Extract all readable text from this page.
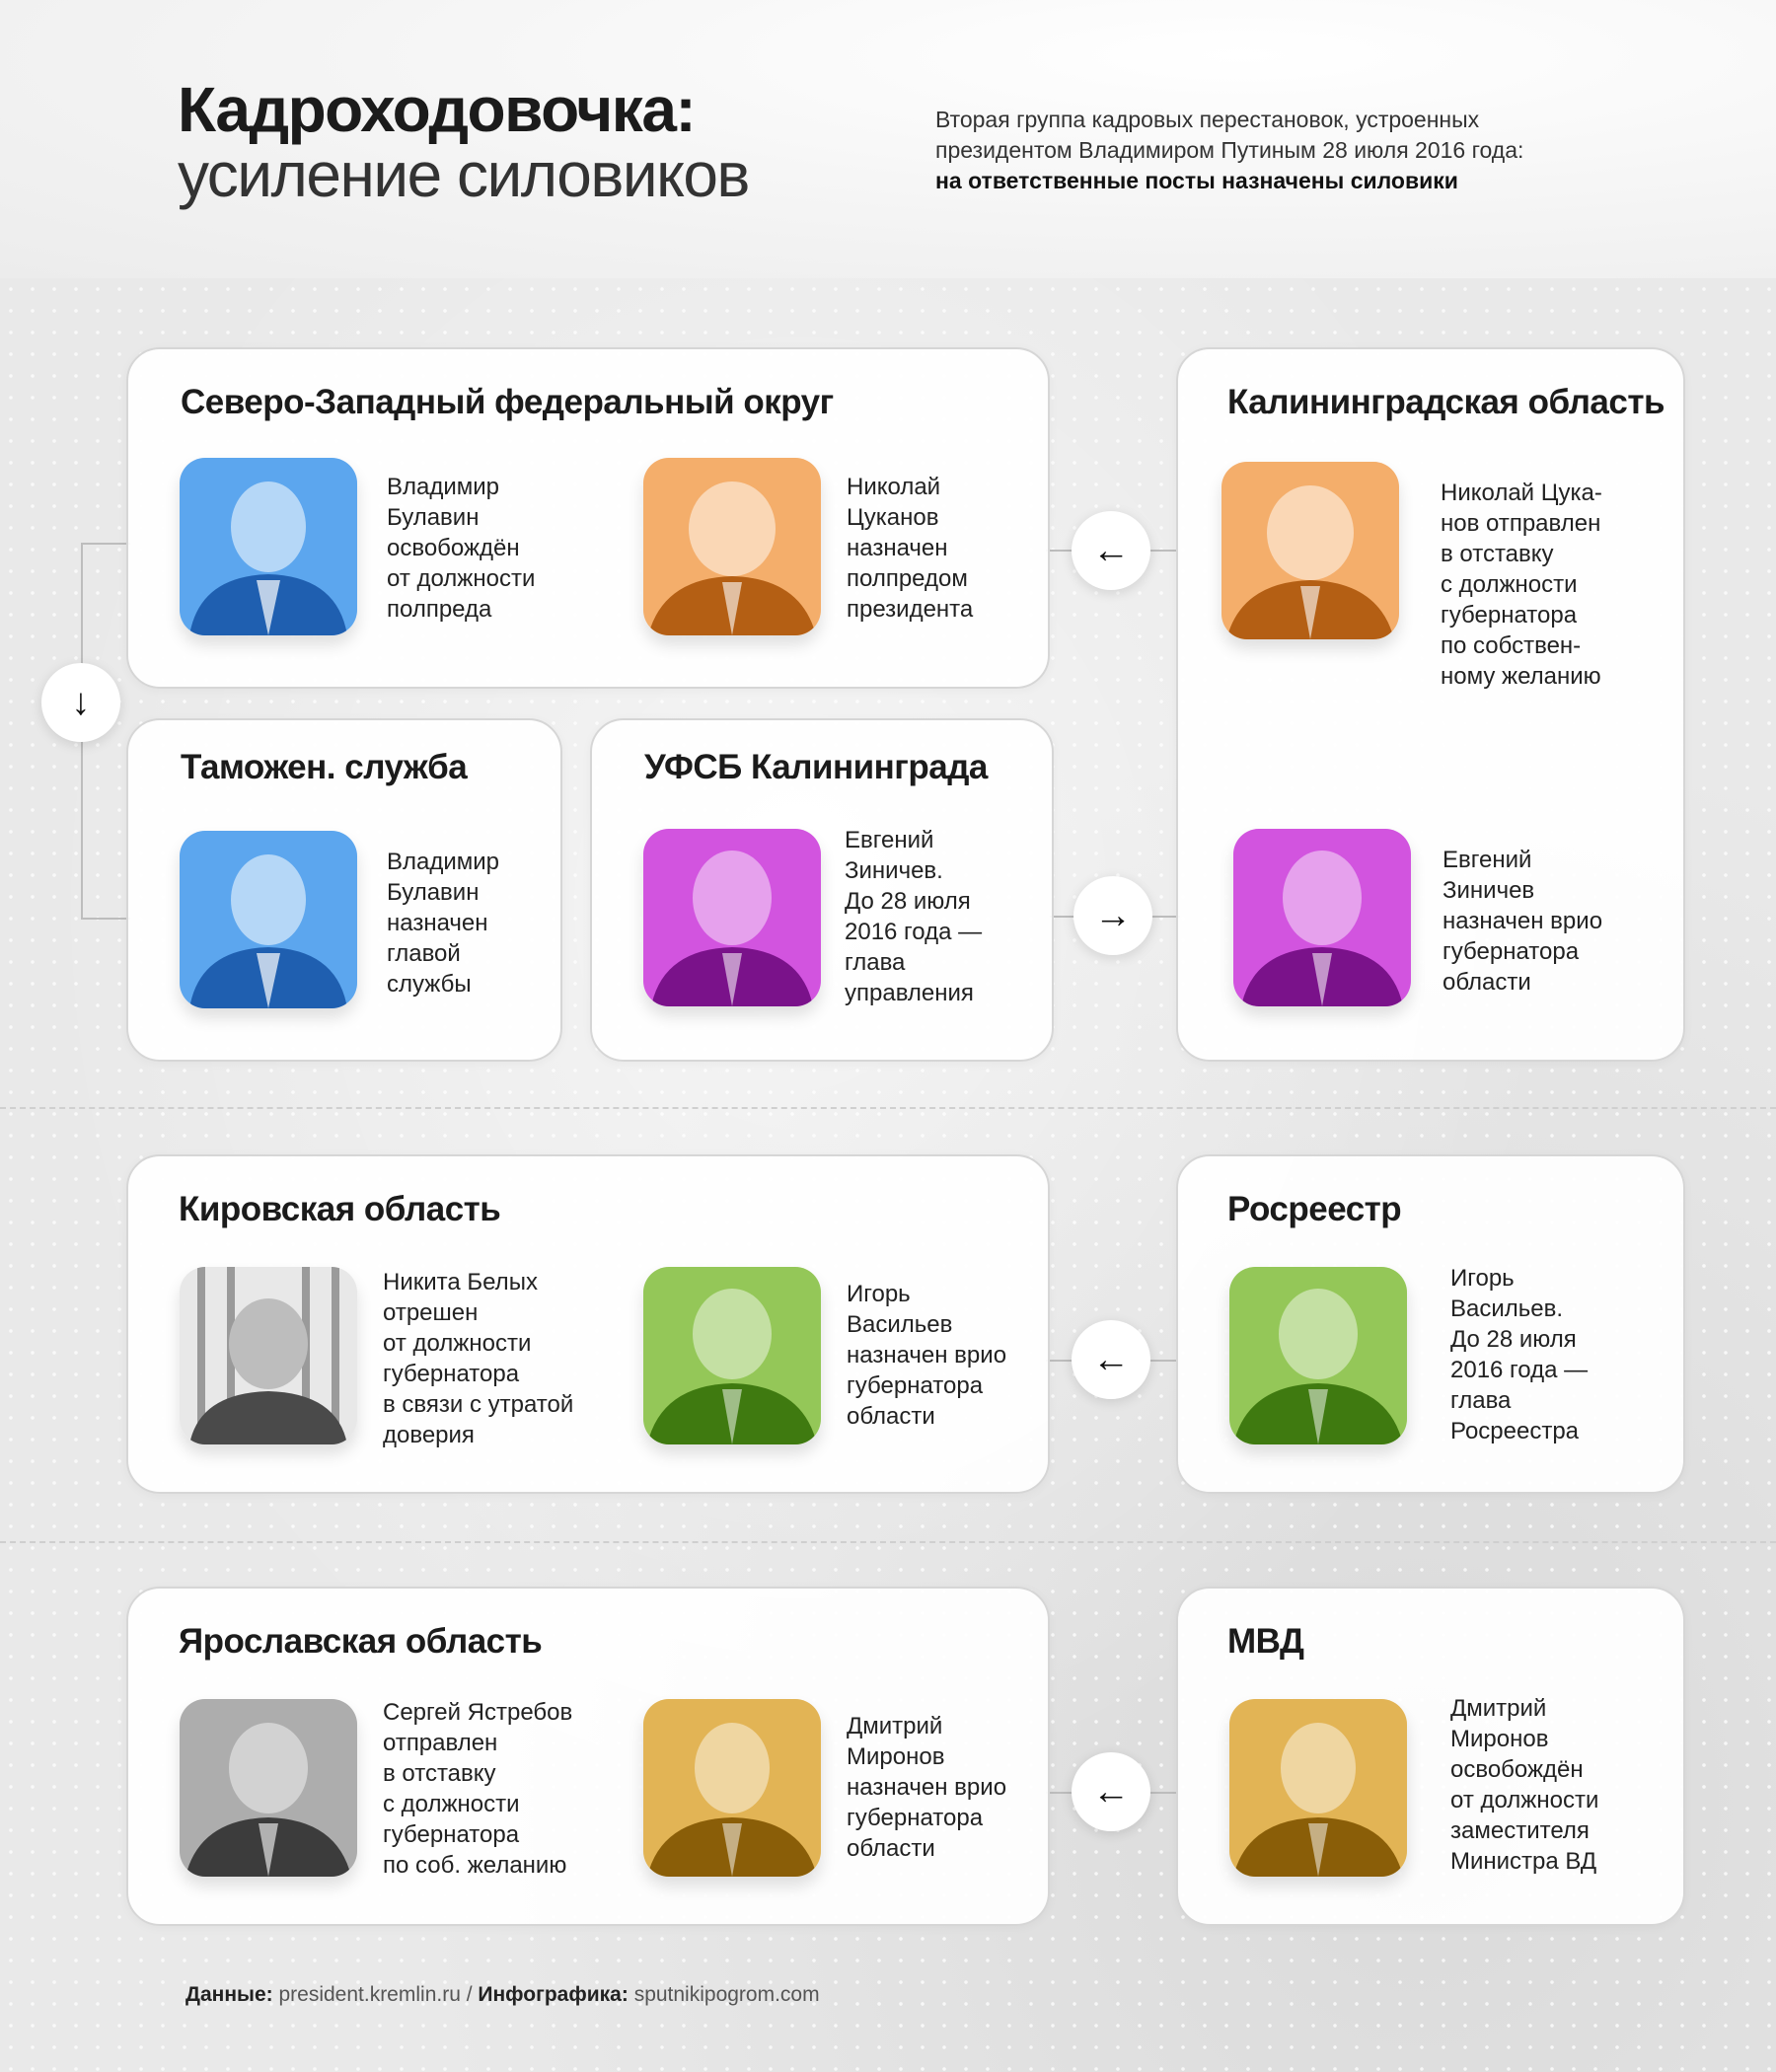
Кадроходовочка:
усиление силовиков
Вторая группа кадровых перестановок, устроенных
президентом Владимиром Путиным 28 июля 2016 года:
на ответственные посты назначены силовики
Северо-Западный федеральный округ

Владимир
Булавин
освобождён
от должности
полпреда

Николай
Цуканов
назначен
полпредом
президента

Калининградская область

Николай Цука-
нов отправлен
в отставку
с должности
губернатора
по собствен-
ному желанию

Евгений
Зиничев
назначен врио
губернатора
области

Таможен. служба

Владимир
Булавин
назначен
главой
службы

УФСБ Калининграда

Евгений
Зиничев.
До 28 июля
2016 года —
глава
управления

Кировская область

Никита Белых
отрешен
от должности
губернатора
в связи с утратой
доверия

Игорь
Васильев
назначен врио
губернатора
области

Росреестр

Игорь
Васильев.
До 28 июля
2016 года —
глава
Росреестра

Ярославская область

Сергей Ястребов
отправлен
в отставку
с должности
губернатора
по соб. желанию

Дмитрий
Миронов
назначен врио
губернатора
области

МВД

Дмитрий
Миронов
освобождён
от должности
заместителя
Министра ВД

↓
←
→
←
←
Данные: president.kremlin.ru / Инфографика: sputnikipogrom.com
